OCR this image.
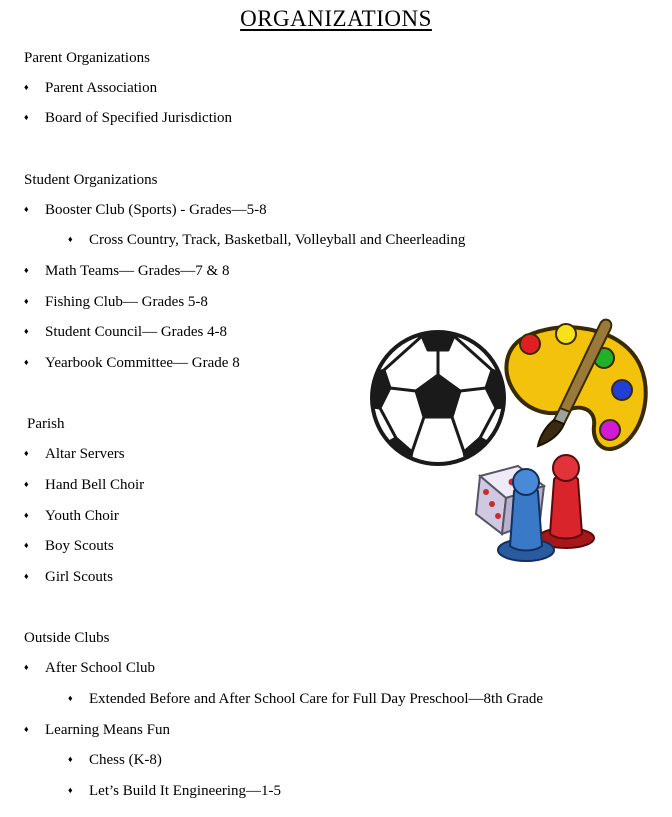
ORGANIZATIONS
Parent Organizations
♦	Parent Association
♦	Board of Specified Jurisdiction
Student Organizations
♦	Booster Club (Sports) - Grades—5-8
♦	Cross Country, Track, Basketball, Volleyball and Cheerleading
♦	Math Teams— Grades—7 & 8
♦	Fishing Club— Grades 5-8
♦	Student Council— Grades 4-8
♦	Yearbook Committee— Grade 8
Parish
♦	Altar Servers
♦	Hand Bell Choir
♦	Youth Choir
♦	Boy Scouts
♦	Girl Scouts
Outside Clubs
♦	After School Club
♦	Extended Before and After School Care for Full Day Preschool—8th Grade
♦	Learning Means Fun
♦	Chess (K-8)
♦	Let’s Build It Engineering—1-5
